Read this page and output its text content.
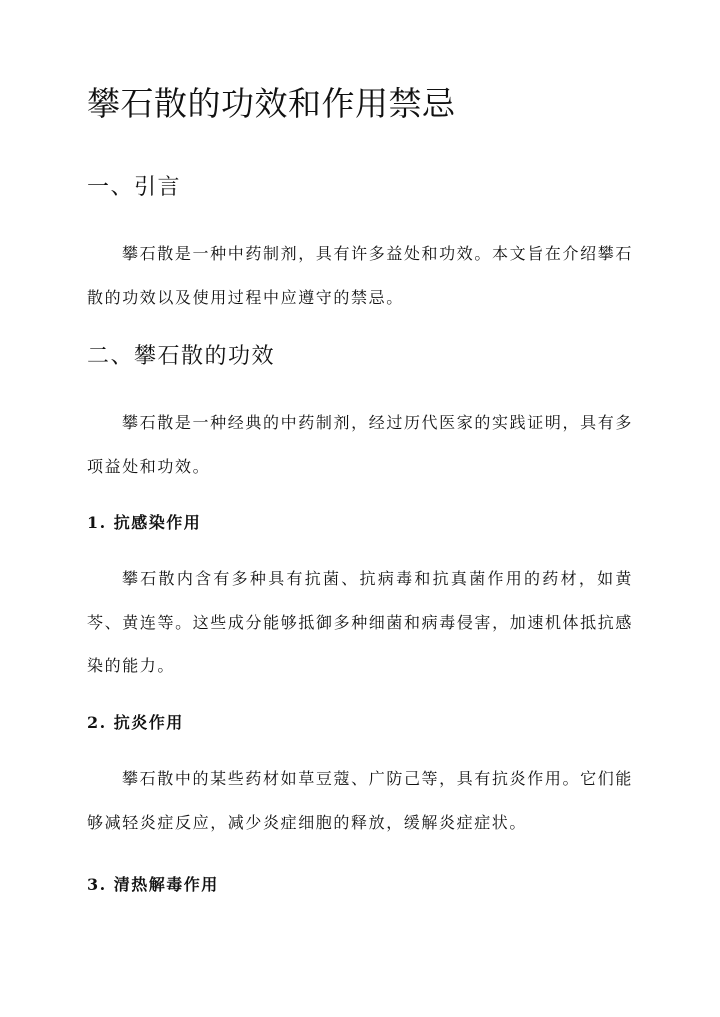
攀石散的功效和作用禁忌
一、引言

攀石散是一种中药制剂，具有许多益处和功效。本文旨在介绍攀石散的功效以及使用过程中应遵守的禁忌。

二、攀石散的功效

攀石散是一种经典的中药制剂，经过历代医家的实践证明，具有多项益处和功效。

1. 抗感染作用

攀石散内含有多种具有抗菌、抗病毒和抗真菌作用的药材，如黄芩、黄连等。这些成分能够抵御多种细菌和病毒侵害，加速机体抵抗感染的能力。

2. 抗炎作用

攀石散中的某些药材如草豆蔻、广防己等，具有抗炎作用。它们能够减轻炎症反应，减少炎症细胞的释放，缓解炎症症状。

3. 清热解毒作用
